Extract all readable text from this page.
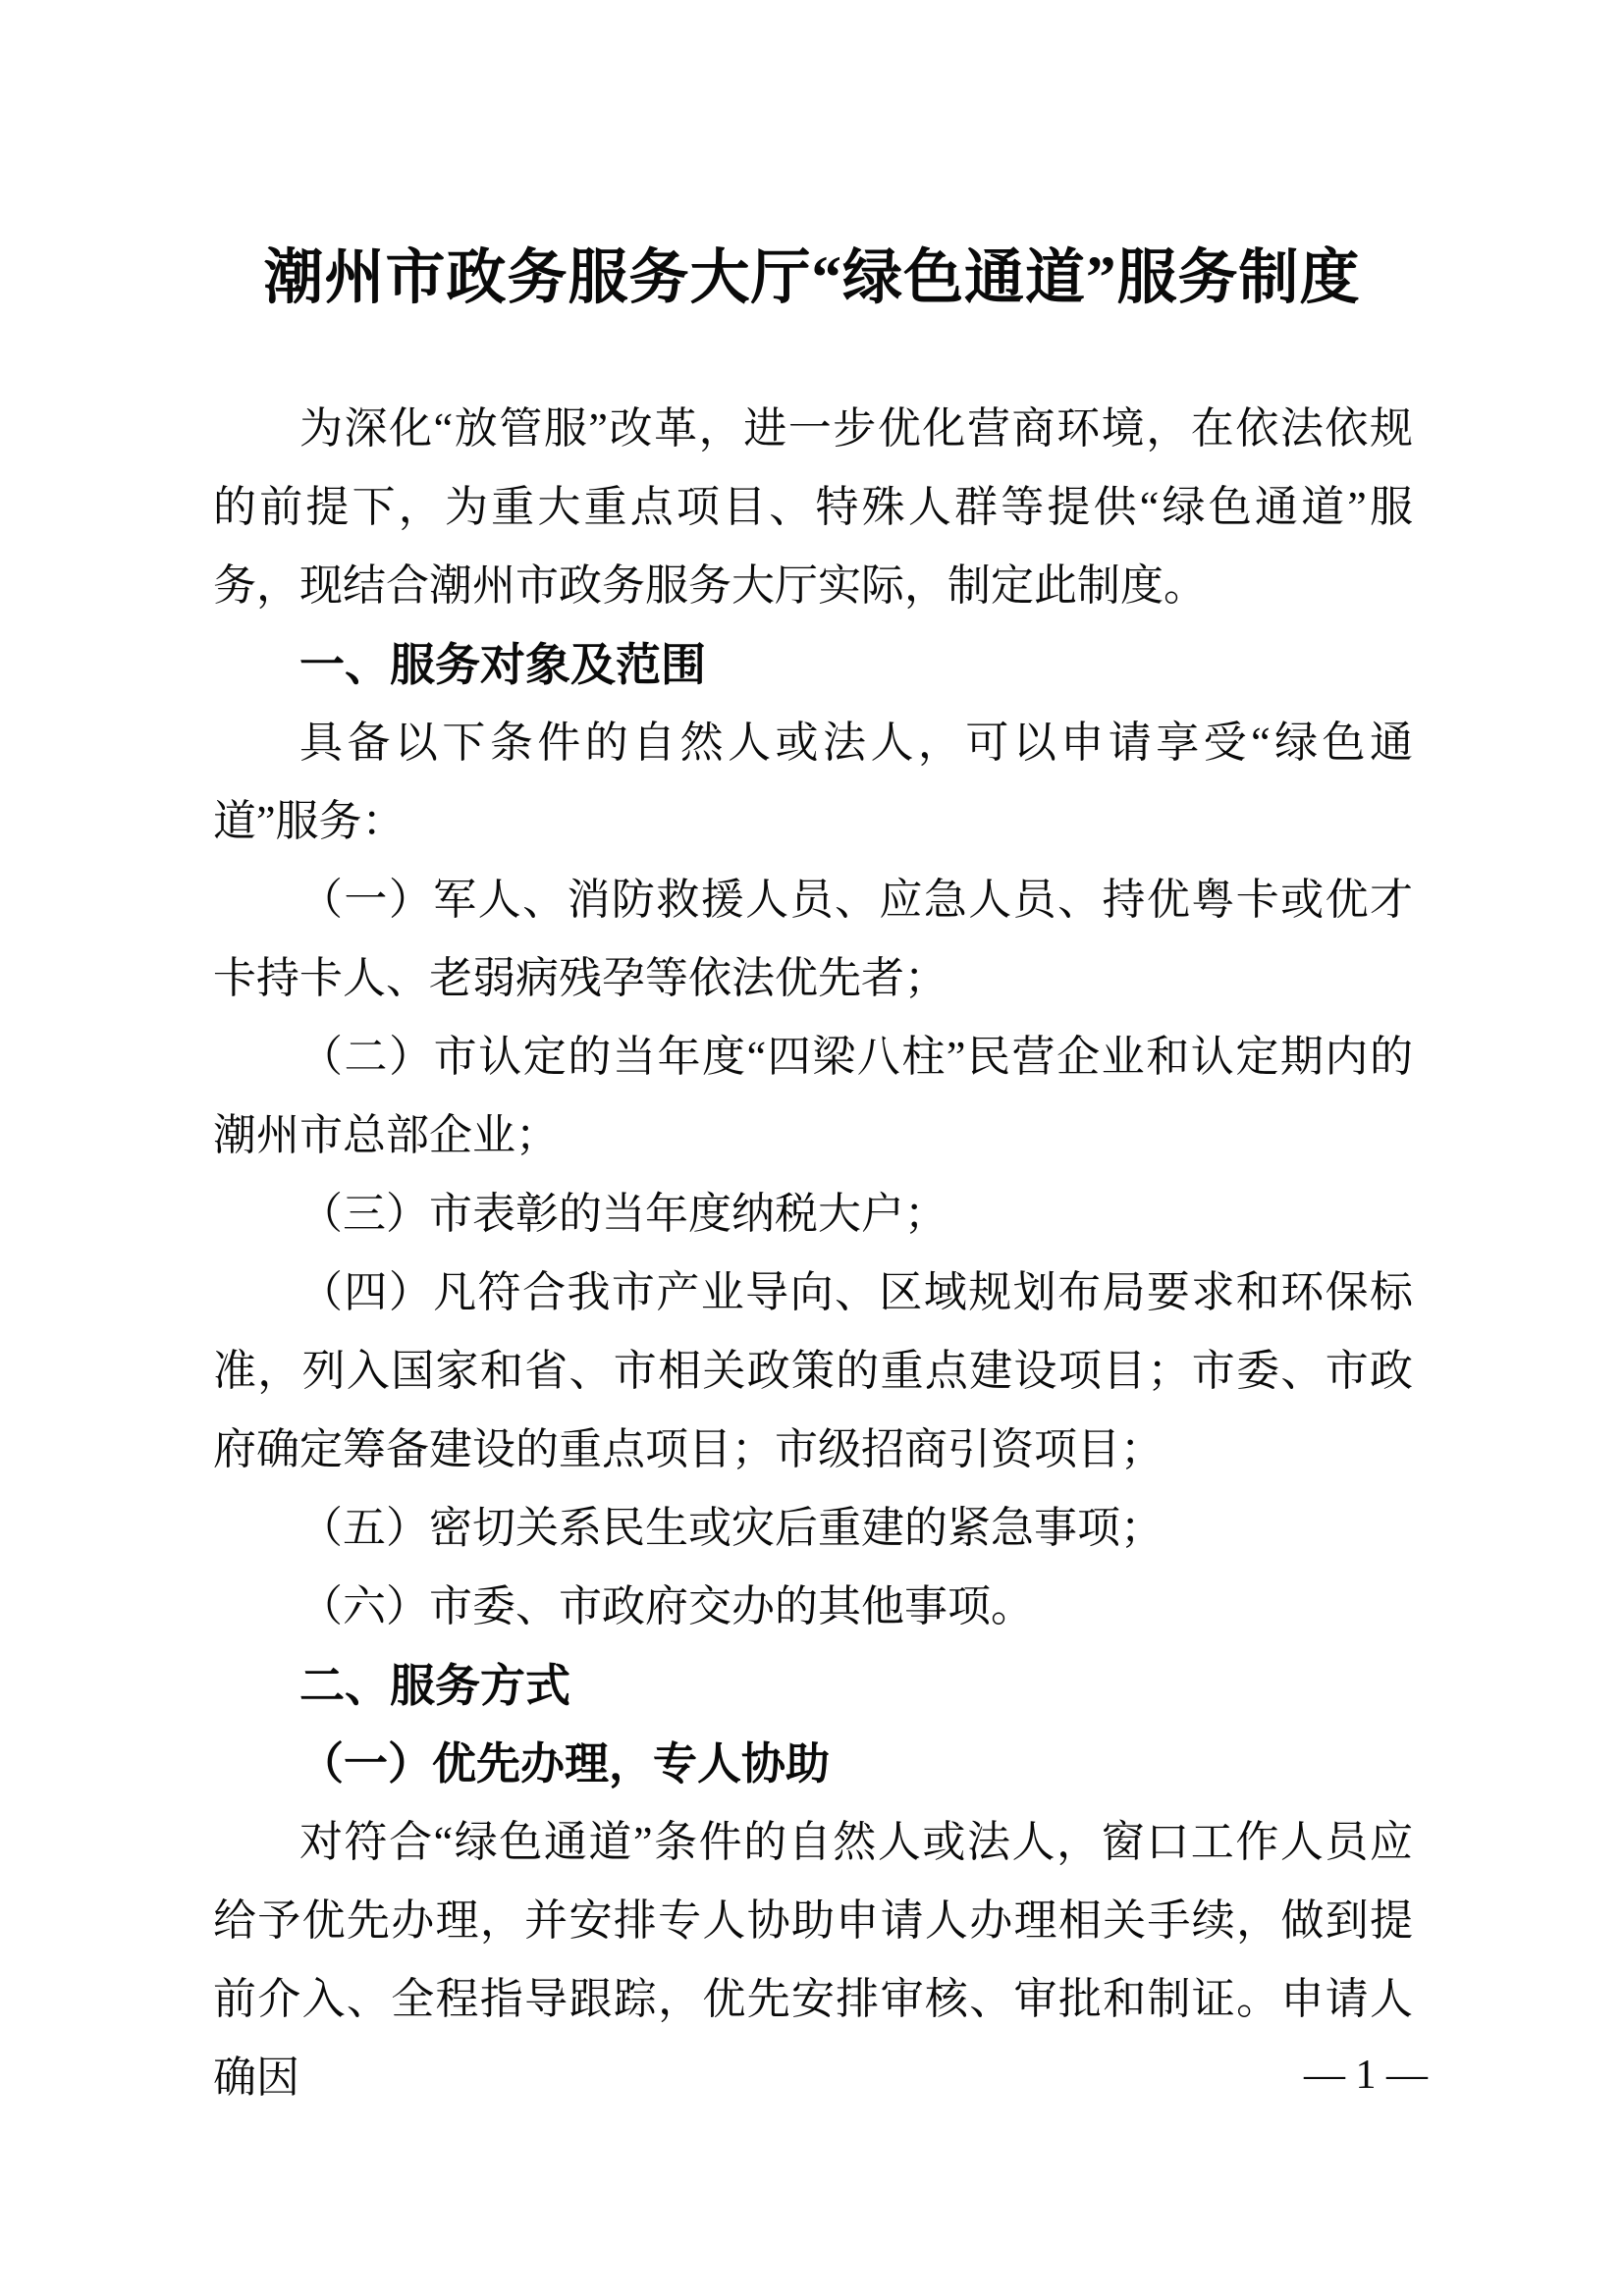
潮州市政务服务大厅“绿色通道”服务制度

为深化“放管服”改革，进一步优化营商环境，在依法依规的前提下，为重大重点项目、特殊人群等提供“绿色通道”服务，现结合潮州市政务服务大厅实际，制定此制度。

一、服务对象及范围

具备以下条件的自然人或法人，可以申请享受“绿色通道”服务：

（一）军人、消防救援人员、应急人员、持优粤卡或优才卡持卡人、老弱病残孕等依法优先者；

（二）市认定的当年度“四梁八柱”民营企业和认定期内的潮州市总部企业；

（三）市表彰的当年度纳税大户；

（四）凡符合我市产业导向、区域规划布局要求和环保标准，列入国家和省、市相关政策的重点建设项目；市委、市政府确定筹备建设的重点项目；市级招商引资项目；

（五）密切关系民生或灾后重建的紧急事项；

（六）市委、市政府交办的其他事项。

二、服务方式
（一）优先办理，专人协助

对符合“绿色通道”条件的自然人或法人，窗口工作人员应给予优先办理，并安排专人协助申请人办理相关手续，做到提前介入、全程指导跟踪，优先安排审核、审批和制证。申请人确因	— 1 —
